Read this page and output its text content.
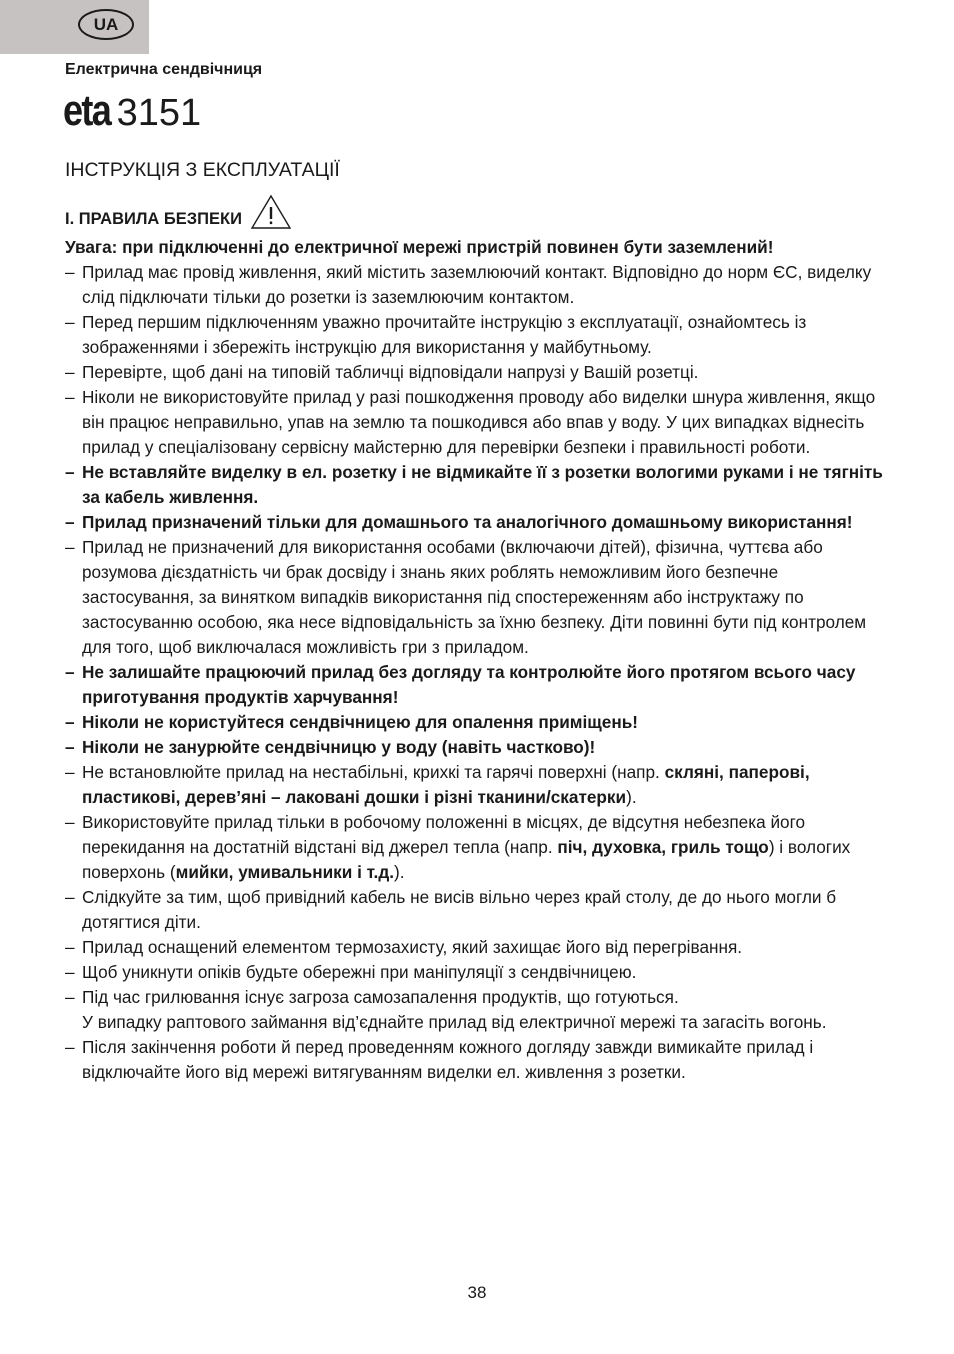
UA
Електрична сендвічниця
eta 3151
ІНСТРУКЦІЯ З ЕКСПЛУАТАЦІЇ
I. ПРАВИЛА БЕЗПЕКИ
Увага: при підключенні до електричної мережі пристрій повинен бути заземлений!
– Прилад має провід живлення, який містить заземлюючий контакт. Відповідно до норм ЄС, виделку слід підключати тільки до розетки із заземлюючим контактом.
– Перед першим підключенням уважно прочитайте інструкцію з експлуатації, ознайомтесь із зображеннями і збережіть інструкцію для використання у майбутньому.
– Перевірте, щоб дані на типовій табличці відповідали напрузі у Вашій розетці.
– Ніколи не використовуйте прилад у разі пошкодження проводу або виделки шнура живлення, якщо він працює неправильно, упав на землю та пошкодився або впав у воду. У цих випадках віднесіть прилад у спеціалізовану сервісну майстерню для перевірки безпеки і правильності роботи.
– Не вставляйте виделку в ел. розетку і не відмикайте її з розетки вологими руками і не тягніть за кабель живлення.
– Прилад призначений тільки для домашнього та аналогічного домашньому використання!
– Прилад не призначений для використання особами (включаючи дітей), фізична, чуттєва або розумова дієздатність чи брак досвіду і знань яких роблять неможливим його безпечне застосування, за винятком випадків використання під спостереженням або інструктажу по застосуванню особою, яка несе відповідальність за їхню безпеку. Діти повинні бути під контролем для того, щоб виключалася можливість гри з приладом.
– Не залишайте працюючий прилад без догляду та контролюйте його протягом всього часу приготування продуктів харчування!
– Ніколи не користуйтеся сендвічницею для опалення приміщень!
– Ніколи не занурюйте сендвічницю у воду (навіть частково)!
– Не встановлюйте прилад на нестабільні, крихкі та гарячі поверхні (напр. скляні, паперові, пластикові, дерев’яні – лаковані дошки і різні тканини/скатерки).
– Використовуйте прилад тільки в робочому положенні в місцях, де відсутня небезпека його перекидання на достатній відстані від джерел тепла (напр. піч, духовка, гриль тощо) і вологих поверхонь (мийки, умивальники і т.д.).
– Слідкуйте за тим, щоб привідний кабель не висів вільно через край столу, де до нього могли б дотягтися діти.
– Прилад оснащений елементом термозахисту, який захищає його від перегрівання.
– Щоб уникнути опіків будьте обережні при маніпуляції з сендвічницею.
– Під час грилювання існує загроза самозапалення продуктів, що готуються.
У випадку раптового займання від’єднайте прилад від електричної мережі та загасіть вогонь.
– Після закінчення роботи й перед проведенням кожного догляду завжди вимикайте прилад і відключайте його від мережі витягуванням виделки ел. живлення з розетки.
38
